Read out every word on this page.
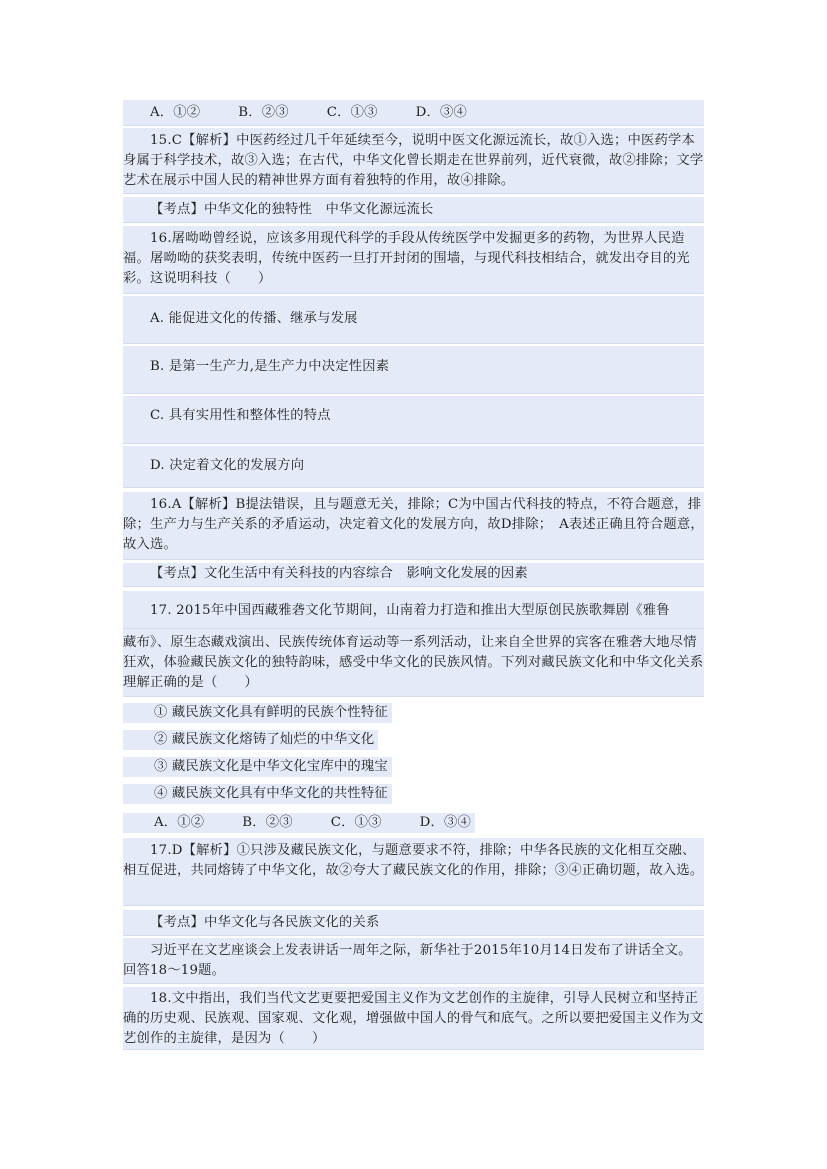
A．①②	B．②③	C．①③	D．③④
15.C【解析】中医药经过几千年延续至今，说明中医文化源远流长，故①入选；中医药学本身属于科学技术，故③入选；在古代，中华文化曾长期走在世界前列，近代衰微，故②排除；文学艺术在展示中国人民的精神世界方面有着独特的作用，故④排除。
【考点】中华文化的独特性　中华文化源远流长
16.屠呦呦曾经说，应该多用现代科学的手段从传统医学中发掘更多的药物，为世界人民造福。屠呦呦的获奖表明，传统中医药一旦打开封闭的围墙，与现代科技相结合，就发出夺目的光彩。这说明科技（　　）
A. 能促进文化的传播、继承与发展
B. 是第一生产力,是生产力中决定性因素
C. 具有实用性和整体性的特点
D. 决定着文化的发展方向
16.A【解析】B提法错误，且与题意无关，排除；C为中国古代科技的特点，不符合题意，排除；生产力与生产关系的矛盾运动，决定着文化的发展方向，故D排除；　A表述正确且符合题意，故入选。
【考点】文化生活中有关科技的内容综合　影响文化发展的因素
17. 2015年中国西藏雅砻文化节期间，山南着力打造和推出大型原创民族歌舞剧《雅鲁
藏布》、原生态藏戏演出、民族传统体育运动等一系列活动，让来自全世界的宾客在雅砻大地尽情狂欢，体验藏民族文化的独特韵味，感受中华文化的民族风情。下列对藏民族文化和中华文化关系理解正确的是（　　）
① 藏民族文化具有鲜明的民族个性特征
② 藏民族文化熔铸了灿烂的中华文化
③ 藏民族文化是中华文化宝库中的瑰宝
④ 藏民族文化具有中华文化的共性特征
A．①②	B．②③	C．①③	D．③④
17.D【解析】①只涉及藏民族文化，与题意要求不符，排除；中华各民族的文化相互交融、相互促进，共同熔铸了中华文化，故②夸大了藏民族文化的作用，排除；③④正确切题，故入选。
【考点】中华文化与各民族文化的关系
习近平在文艺座谈会上发表讲话一周年之际，新华社于2015年10月14日发布了讲话全文。回答18～19题。
18.文中指出，我们当代文艺更要把爱国主义作为文艺创作的主旋律，引导人民树立和坚持正确的历史观、民族观、国家观、文化观，增强做中国人的骨气和底气。之所以要把爱国主义作为文艺创作的主旋律，是因为（　　）
